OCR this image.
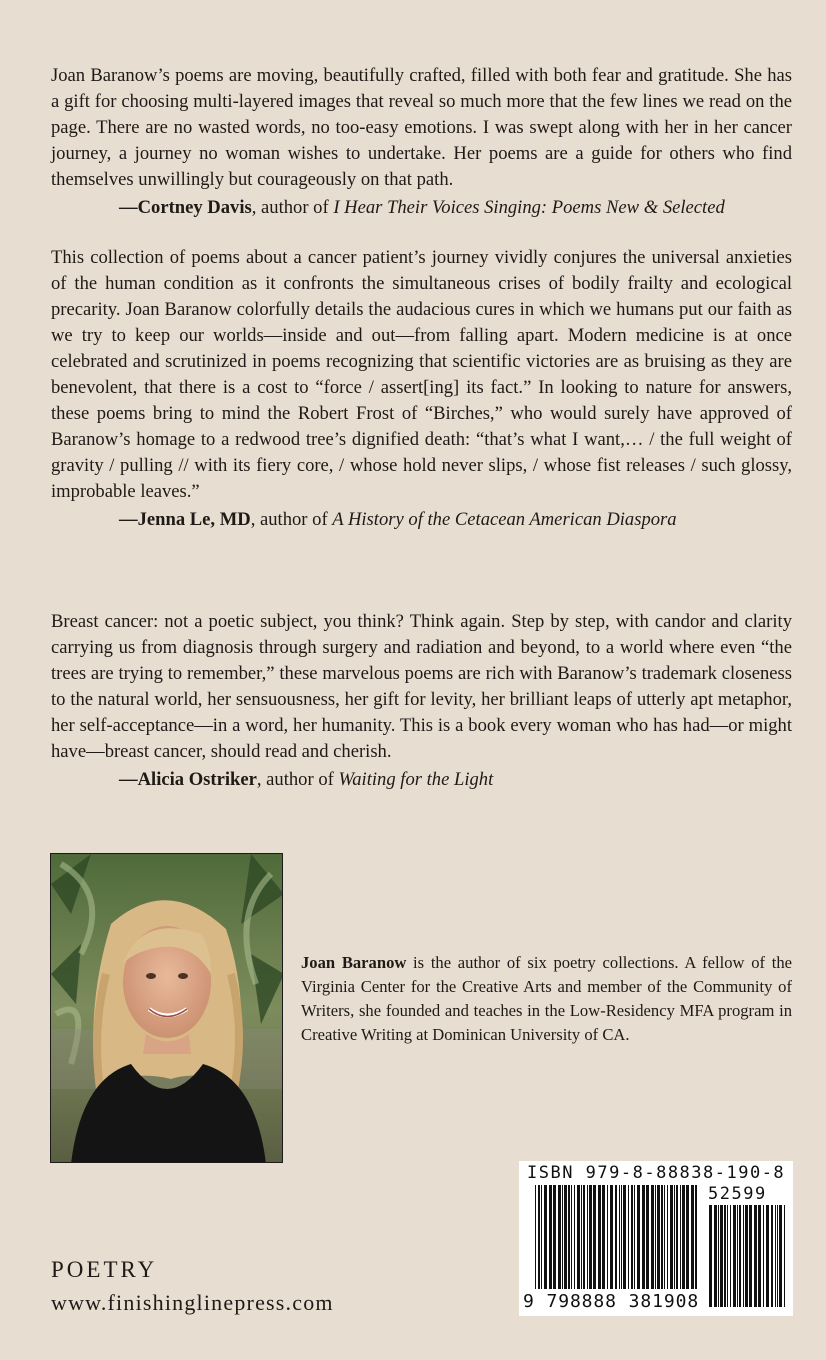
Joan Baranow’s poems are moving, beautifully crafted, filled with both fear and gratitude. She has a gift for choosing multi-layered images that reveal so much more that the few lines we read on the page. There are no wasted words, no too-easy emotions. I was swept along with her in her cancer journey, a journey no woman wishes to undertake. Her poems are a guide for others who find themselves unwillingly but courageously on that path.

—Cortney Davis, author of I Hear Their Voices Singing: Poems New & Selected

This collection of poems about a cancer patient’s journey vividly conjures the universal anxieties of the human condition as it confronts the simultaneous crises of bodily frailty and ecological precarity. Joan Baranow colorfully details the audacious cures in which we humans put our faith as we try to keep our worlds—inside and out—from falling apart. Modern medicine is at once celebrated and scrutinized in poems recognizing that scientific victories are as bruising as they are benevolent, that there is a cost to “force / assert[ing] its fact.” In looking to nature for answers, these poems bring to mind the Robert Frost of “Birches,” who would surely have approved of Baranow’s homage to a redwood tree’s dignified death: “that’s what I want,… / the full weight of gravity / pulling // with its fiery core, / whose hold never slips, / whose fist releases / such glossy, improbable leaves.”

—Jenna Le, MD, author of A History of the Cetacean American Diaspora

Breast cancer: not a poetic subject, you think? Think again. Step by step, with candor and clarity carrying us from diagnosis through surgery and radiation and beyond, to a world where even “the trees are trying to remember,” these marvelous poems are rich with Baranow’s trademark closeness to the natural world, her sensuousness, her gift for levity, her brilliant leaps of utterly apt metaphor, her self-acceptance—in a word, her humanity. This is a book every woman who has had—or might have—breast cancer, should read and cherish.

—Alicia Ostriker, author of Waiting for the Light

Joan Baranow is the author of six poetry collections. A fellow of the Virginia Center for the Creative Arts and member of the Community of Writers, she founded and teaches in the Low-Residency MFA program in Creative Writing at Dominican University of CA.

POETRY
www.finishinglinepress.com
ISBN 979-8-88838-190-8
52599
9 798888 381908
